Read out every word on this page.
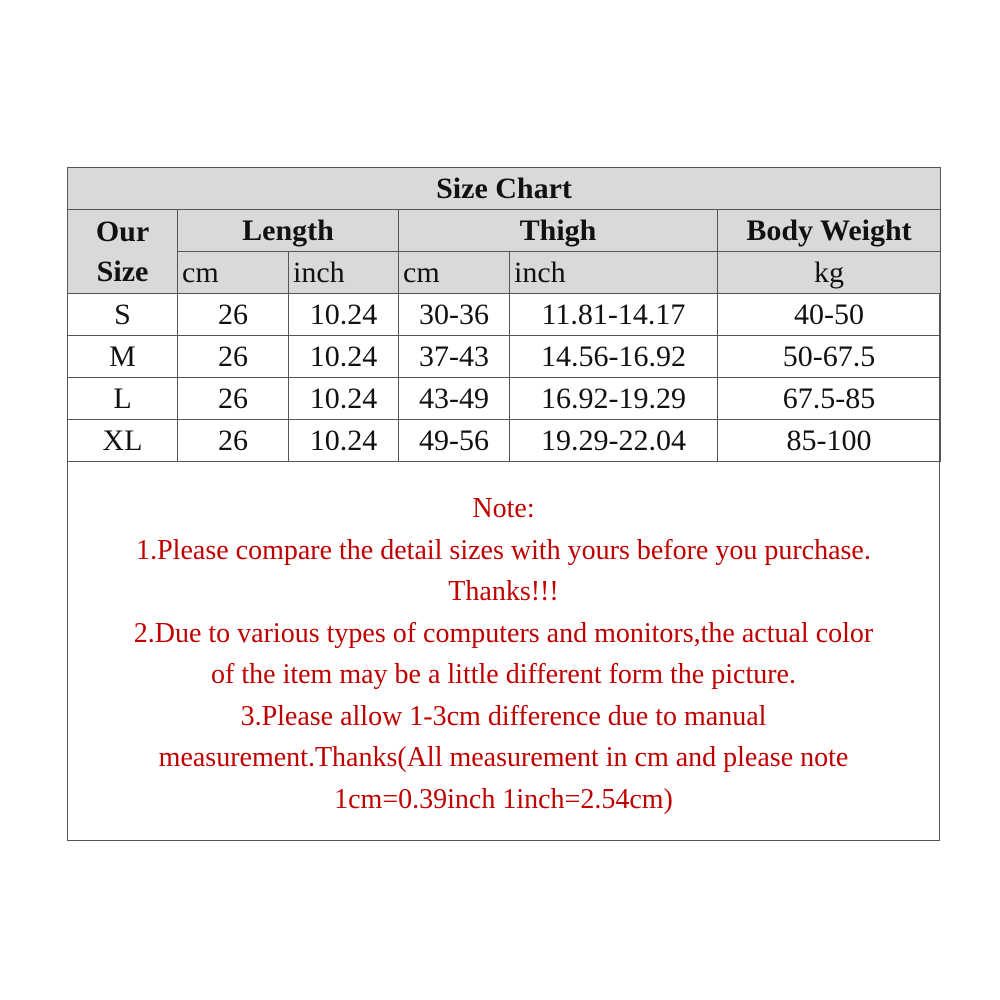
Size Chart					

Our
Size	Length		Thigh		Body Weight
	cm	inch	cm	inch	kg
S	26	10.24	30-36	11.81-14.17	40-50
M	26	10.24	37-43	14.56-16.92	50-67.5
L	26	10.24	43-49	16.92-19.29	67.5-85
XL	26	10.24	49-56	19.29-22.04	85-100
Note:
1.Please compare the detail sizes with yours before you purchase.
Thanks!!!
2.Due to various types of computers and monitors,the actual color
of the item may be a little different form the picture.
3.Please allow 1-3cm difference due to manual
measurement.Thanks(All measurement in cm and please note
1cm=0.39inch 1inch=2.54cm)
